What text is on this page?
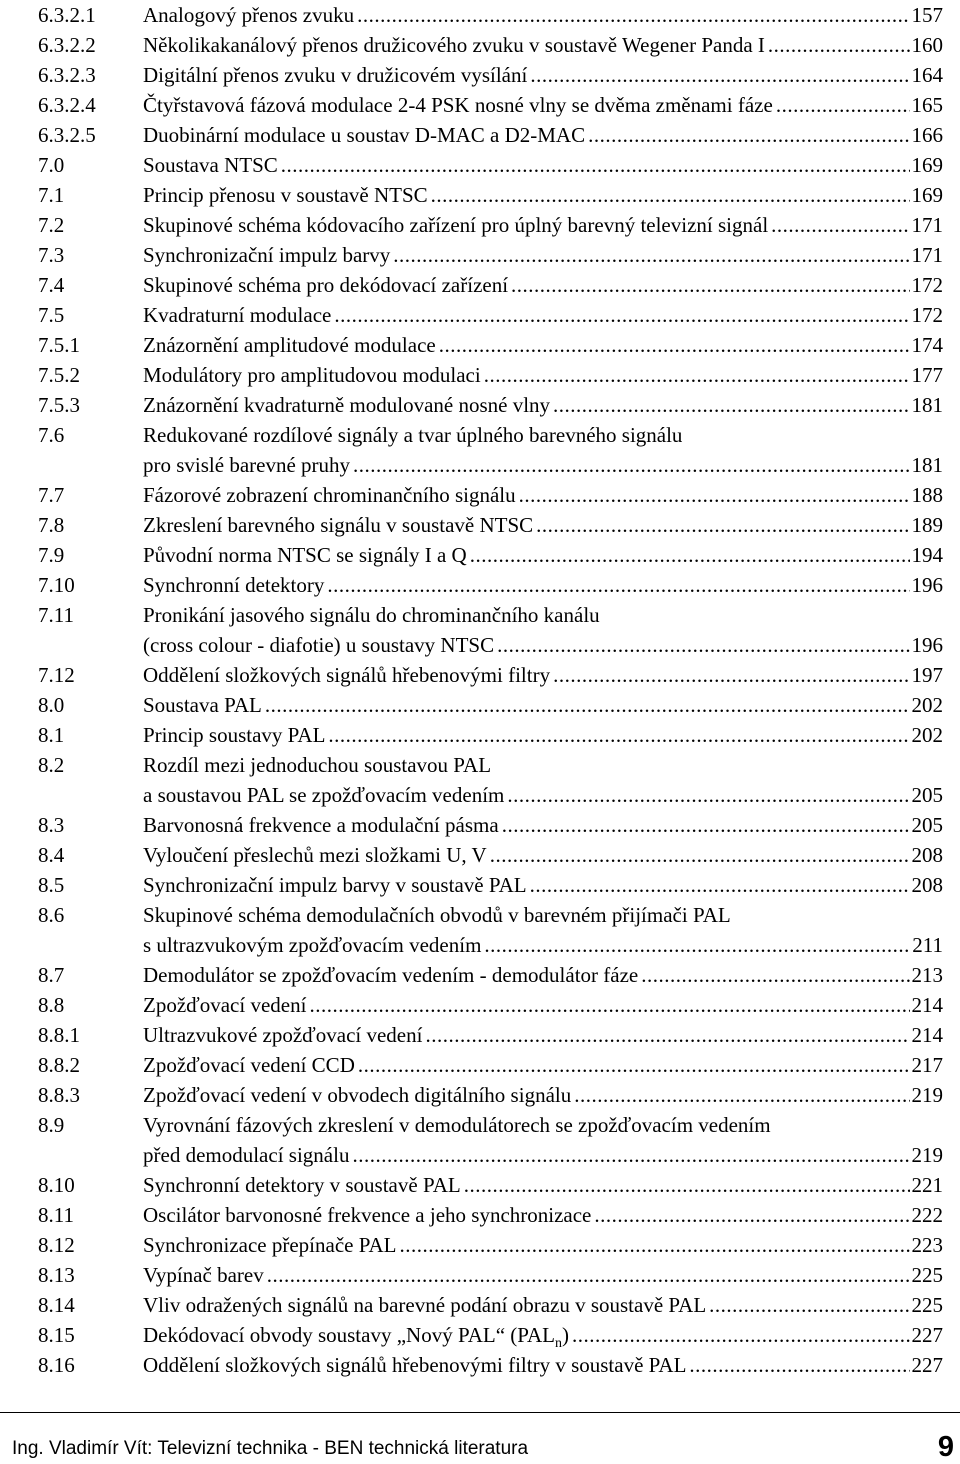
6.3.2.1 Analogový přenos zvuku .....	157
6.3.2.2 Několikakanálový přenos družicového zvuku v soustavě Wegener Panda I .....	160
6.3.2.3 Digitální přenos zvuku v družicovém vysílání .....	164
6.3.2.4 Čtyřstavová fázová modulace 2-4 PSK nosné vlny se dvěma změnami fáze .....	165
6.3.2.5 Duobinární modulace u soustav D-MAC a D2-MAC .....	166
7.0	Soustava NTSC .....	169
7.1	Princip přenosu v soustavě NTSC .....	169
7.2	Skupinové schéma kódovacího zařízení pro úplný barevný televizní signál .....	171
7.3	Synchronizační impulz barvy .....	171
7.4	Skupinové schéma pro dekódovací zařízení .....	172
7.5	Kvadraturní modulace .....	172
7.5.1	Znázornění amplitudové modulace .....	174
7.5.2	Modulátory pro amplitudovou modulaci .....	177
7.5.3	Znázornění kvadraturně modulované nosné vlny .....	181
7.6	Redukované rozdílové signály a tvar úplného barevného signálu
pro svislé barevné pruhy .....	181
7.7	Fázorové zobrazení chrominančního signálu .....	188
7.8	Zkreslení barevného signálu v soustavě NTSC .....	189
7.9	Původní norma NTSC se signály I a Q .....	194
7.10	Synchronní detektory .....	196
7.11	Pronikání jasového signálu do chrominančního kanálu
(cross colour - diafotie) u soustavy NTSC .....	196
7.12	Oddělení složkových signálů hřebenovými filtry .....	197
8.0	Soustava PAL .....	202
8.1	Princip soustavy PAL .....	202
8.2	Rozdíl mezi jednoduchou soustavou PAL
a soustavou PAL se zpožďovacím vedením .....	205
8.3	Barvonosná frekvence a modulační pásma .....	205
8.4	Vyloučení přeslechů mezi složkami U, V .....	208
8.5	Synchronizační impulz barvy v soustavě PAL .....	208
8.6	Skupinové schéma demodulačních obvodů v barevném přijímači PAL
s ultrazvukovým zpožďovacím vedením .....	211
8.7	Demodulátor se zpožďovacím vedením - demodulátor fáze .....	213
8.8	Zpožďovací vedení .....	214
8.8.1	Ultrazvukové zpožďovací vedení .....	214
8.8.2	Zpožďovací vedení CCD .....	217
8.8.3	Zpožďovací vedení v obvodech digitálního signálu .....	219
8.9	Vyrovnání fázových zkreslení v demodulátorech se zpožďovacím vedením
před demodulací signálu .....	219
8.10	Synchronní detektory v soustavě PAL .....	221
8.11	Oscilátor barvonosné frekvence a jeho synchronizace .....	222
8.12	Synchronizace přepínače PAL .....	223
8.13	Vypínač barev .....	225
8.14	Vliv odražených signálů na barevné podání obrazu v soustavě PAL .....	225
8.15	Dekódovací obvody soustavy „Nový PAL“ $(PAL_n)$ .....	227
8.16	Oddělení složkových signálů hřebenovými filtry v soustavě PAL .....	227
Ing. Vladimír Vít: Televizní technika - BEN technická literatura	9
